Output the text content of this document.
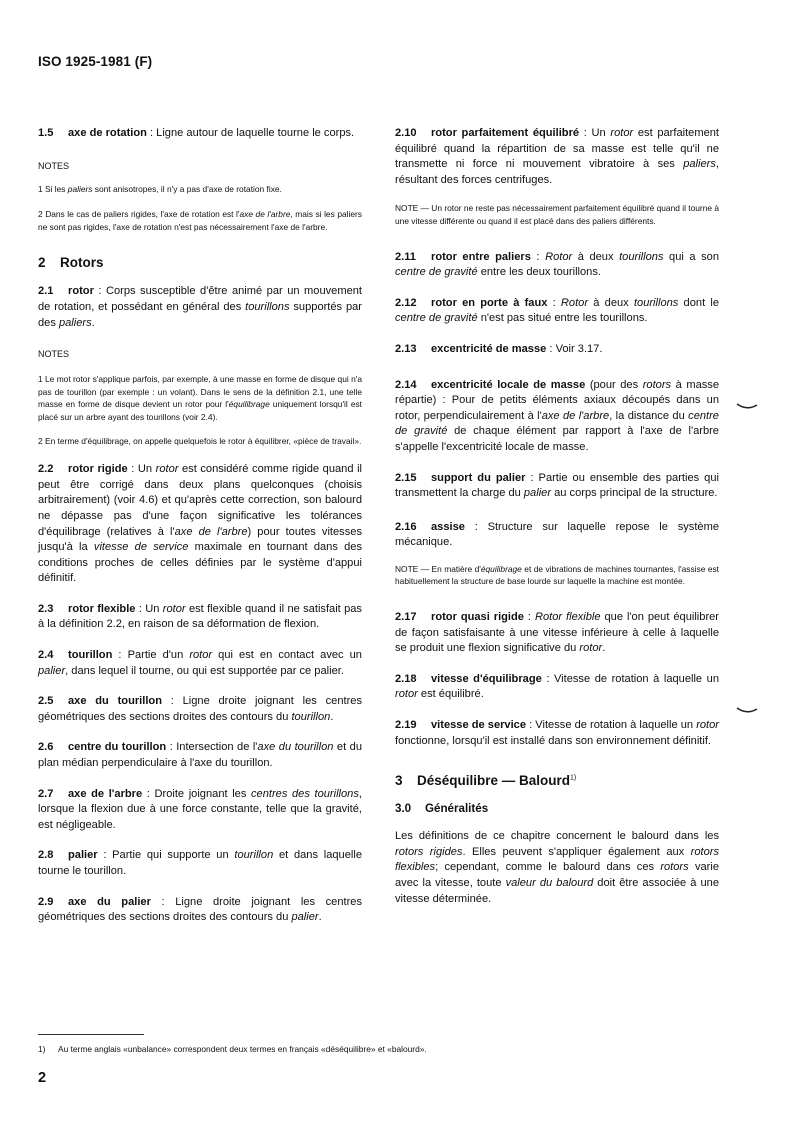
ISO 1925-1981 (F)

1.5 axe de rotation : Ligne autour de laquelle tourne le corps.

NOTES

1 Si les paliers sont anisotropes, il n'y a pas d'axe de rotation fixe.

2 Dans le cas de paliers rigides, l'axe de rotation est l'axe de l'arbre, mais si les paliers ne sont pas rigides, l'axe de rotation n'est pas nécessairement l'axe de l'arbre.

2 Rotors

2.1 rotor : Corps susceptible d'être animé par un mouvement de rotation, et possédant en général des tourillons supportés par des paliers.

NOTES

1 Le mot rotor s'applique parfois, par exemple, à une masse en forme de disque qui n'a pas de tourillon (par exemple : un volant). Dans le sens de la définition 2.1, une telle masse en forme de disque devient un rotor pour l'équilibrage uniquement lorsqu'il est placé sur un arbre ayant des tourillons (voir 2.4).

2 En terme d'équilibrage, on appelle quelquefois le rotor à équilibrer, «pièce de travail».

2.2 rotor rigide : Un rotor est considéré comme rigide quand il peut être corrigé dans deux plans quelconques (choisis arbitrairement) (voir 4.6) et qu'après cette correction, son balourd ne dépasse pas d'une façon significative les tolérances d'équilibrage (relatives à l'axe de l'arbre) pour toutes vitesses jusqu'à la vitesse de service maximale en tournant dans des conditions proches de celles définies par le système d'appui définitif.

2.3 rotor flexible : Un rotor est flexible quand il ne satisfait pas à la définition 2.2, en raison de sa déformation de flexion.

2.4 tourillon : Partie d'un rotor qui est en contact avec un palier, dans lequel il tourne, ou qui est supportée par ce palier.

2.5 axe du tourillon : Ligne droite joignant les centres géométriques des sections droites des contours du tourillon.

2.6 centre du tourillon : Intersection de l'axe du tourillon et du plan médian perpendiculaire à l'axe du tourillon.

2.7 axe de l'arbre : Droite joignant les centres des tourillons, lorsque la flexion due à une force constante, telle que la gravité, est négligeable.

2.8 palier : Partie qui supporte un tourillon et dans laquelle tourne le tourillon.

2.9 axe du palier : Ligne droite joignant les centres géométriques des sections droites des contours du palier.

2.10 rotor parfaitement équilibré : Un rotor est parfaitement équilibré quand la répartition de sa masse est telle qu'il ne transmette ni force ni mouvement vibratoire à ses paliers, résultant des forces centrifuges.

NOTE — Un rotor ne reste pas nécessairement parfaitement équilibré quand il tourne à une vitesse différente ou quand il est placé dans des paliers différents.

2.11 rotor entre paliers : Rotor à deux tourillons qui a son centre de gravité entre les deux tourillons.

2.12 rotor en porte à faux : Rotor à deux tourillons dont le centre de gravité n'est pas situé entre les tourillons.

2.13 excentricité de masse : Voir 3.17.

2.14 excentricité locale de masse (pour des rotors à masse répartie) : Pour de petits éléments axiaux découpés dans un rotor, perpendiculairement à l'axe de l'arbre, la distance du centre de gravité de chaque élément par rapport à l'axe de l'arbre s'appelle l'excentricité locale de masse.

2.15 support du palier : Partie ou ensemble des parties qui transmettent la charge du palier au corps principal de la structure.

2.16 assise : Structure sur laquelle repose le système mécanique.

NOTE — En matière d'équilibrage et de vibrations de machines tournantes, l'assise est habituellement la structure de base lourde sur laquelle la machine est montée.

2.17 rotor quasi rigide : Rotor flexible que l'on peut équilibrer de façon satisfaisante à une vitesse inférieure à celle à laquelle se produit une flexion significative du rotor.

2.18 vitesse d'équilibrage : Vitesse de rotation à laquelle un rotor est équilibré.

2.19 vitesse de service : Vitesse de rotation à laquelle un rotor fonctionne, lorsqu'il est installé dans son environnement définitif.

3 Déséquilibre — Balourd$^{1)}$

3.0 Généralités

Les définitions de ce chapitre concernent le balourd dans les rotors rigides. Elles peuvent s'appliquer également aux rotors flexibles; cependant, comme le balourd dans ces rotors varie avec la vitesse, toute valeur du balourd doit être associée à une vitesse déterminée.

1) Au terme anglais «unbalance» correspondent deux termes en français «déséquilibre» et «balourd».

2
